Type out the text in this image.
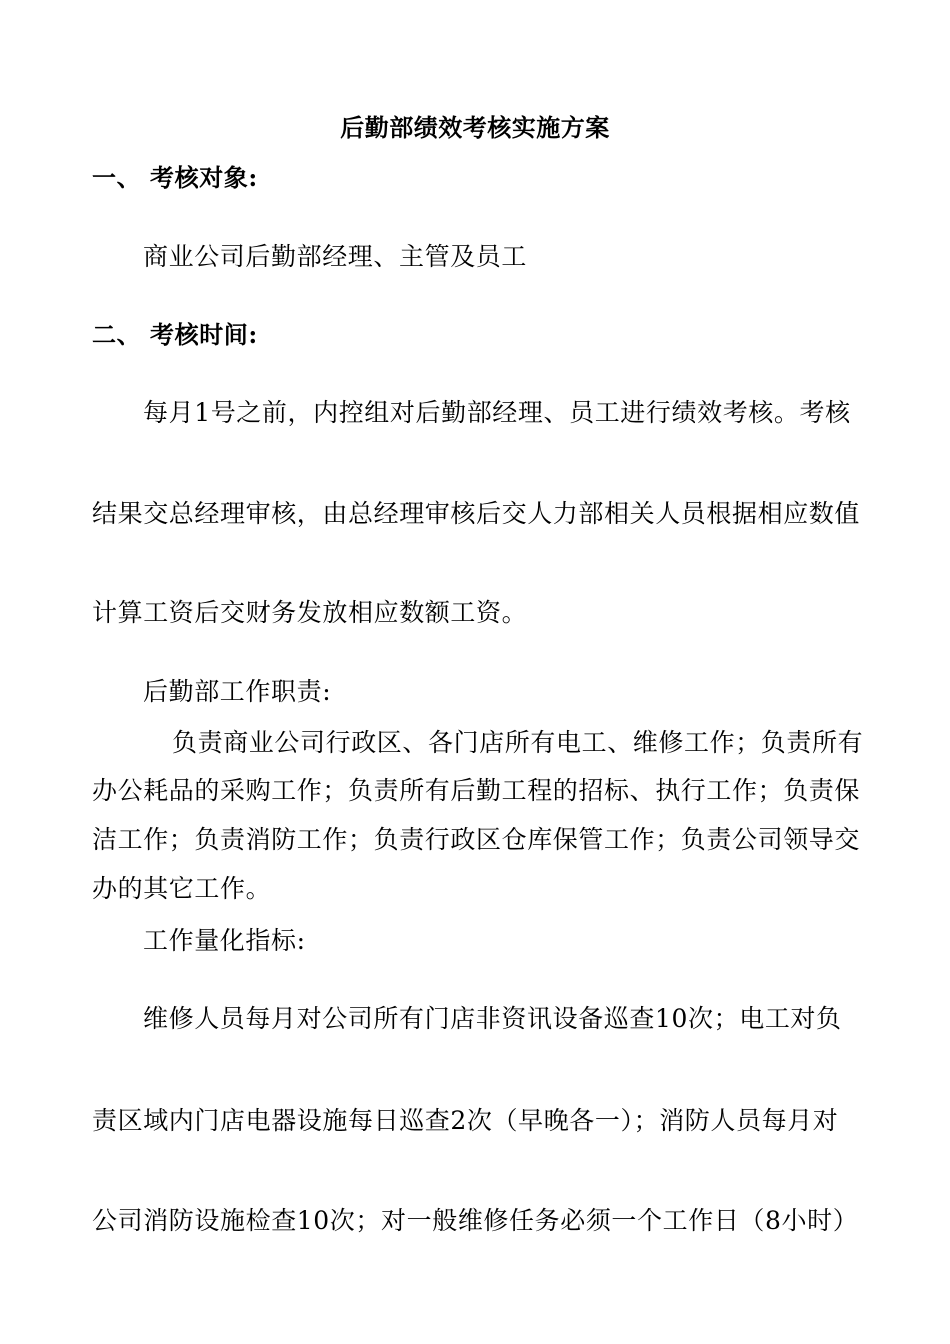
后勤部绩效考核实施方案
一、 考核对象:
商业公司后勤部经理、主管及员工
二、 考核时间:
每月1号之前，内控组对后勤部经理、员工进行绩效考核。考核
结果交总经理审核，由总经理审核后交人力部相关人员根据相应数值
计算工资后交财务发放相应数额工资。
后勤部工作职责:
负责商业公司行政区、各门店所有电工、维修工作；负责所有
办公耗品的采购工作；负责所有后勤工程的招标、执行工作；负责保
洁工作；负责消防工作；负责行政区仓库保管工作；负责公司领导交
办的其它工作。
工作量化指标:
维修人员每月对公司所有门店非资讯设备巡查10次；电工对负
责区域内门店电器设施每日巡查2次（早晚各一）；消防人员每月对
公司消防设施检查10次；对一般维修任务必须一个工作日（8小时）
